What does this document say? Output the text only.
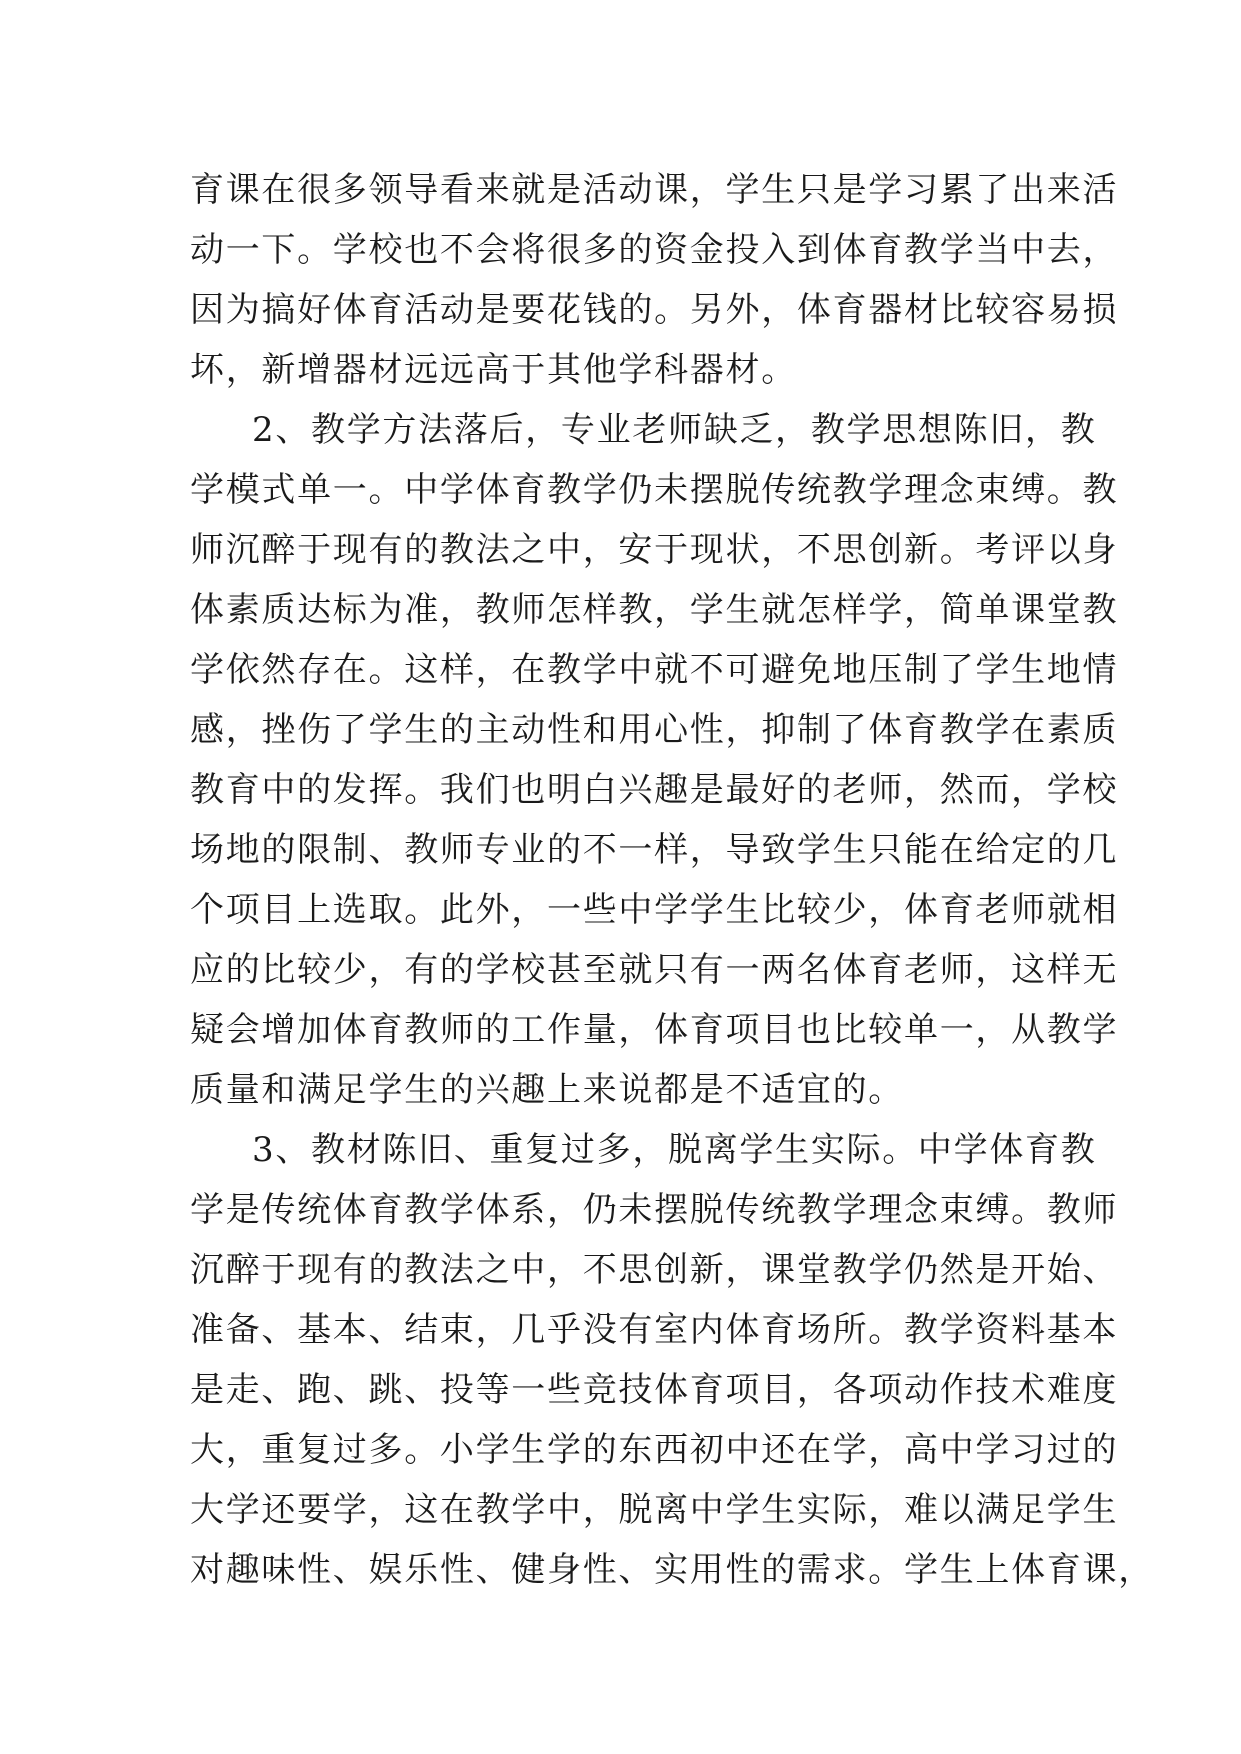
育课在很多领导看来就是活动课，学生只是学习累了出来活
动一下。学校也不会将很多的资金投入到体育教学当中去，
因为搞好体育活动是要花钱的。另外，体育器材比较容易损
坏，新增器材远远高于其他学科器材。
2、教学方法落后，专业老师缺乏，教学思想陈旧，教
学模式单一。中学体育教学仍未摆脱传统教学理念束缚。教
师沉醉于现有的教法之中，安于现状，不思创新。考评以身
体素质达标为准，教师怎样教，学生就怎样学，简单课堂教
学依然存在。这样，在教学中就不可避免地压制了学生地情
感，挫伤了学生的主动性和用心性，抑制了体育教学在素质
教育中的发挥。我们也明白兴趣是最好的老师，然而，学校
场地的限制、教师专业的不一样，导致学生只能在给定的几
个项目上选取。此外，一些中学学生比较少，体育老师就相
应的比较少，有的学校甚至就只有一两名体育老师，这样无
疑会增加体育教师的工作量，体育项目也比较单一，从教学
质量和满足学生的兴趣上来说都是不适宜的。
3、教材陈旧、重复过多，脱离学生实际。中学体育教
学是传统体育教学体系，仍未摆脱传统教学理念束缚。教师
沉醉于现有的教法之中，不思创新，课堂教学仍然是开始、
准备、基本、结束，几乎没有室内体育场所。教学资料基本
是走、跑、跳、投等一些竞技体育项目，各项动作技术难度
大，重复过多。小学生学的东西初中还在学，高中学习过的
大学还要学，这在教学中，脱离中学生实际，难以满足学生
对趣味性、娱乐性、健身性、实用性的需求。学生上体育课，
